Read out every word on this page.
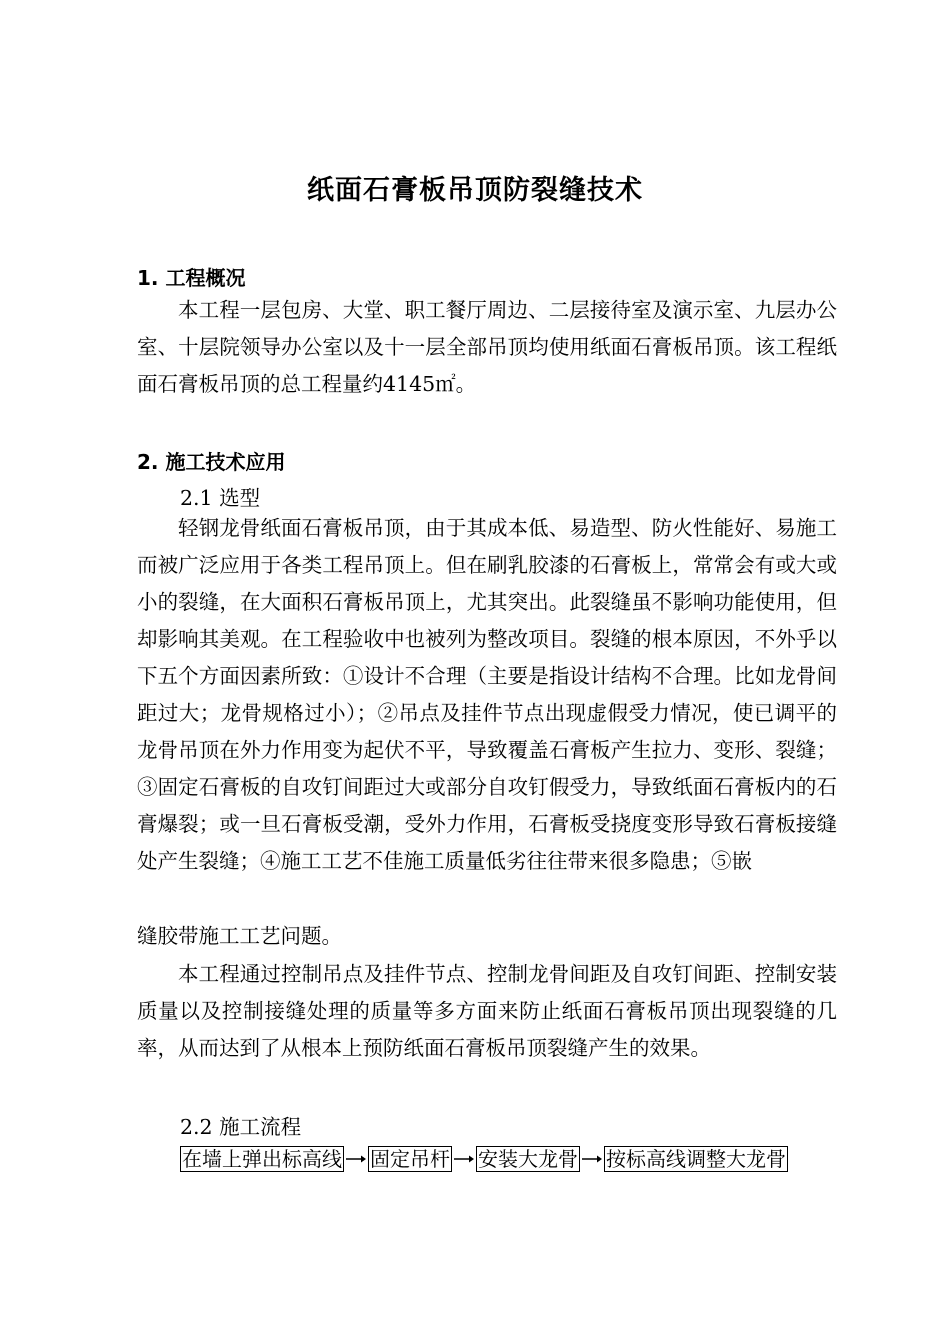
纸面石膏板吊顶防裂缝技术
1. 工程概况

本工程一层包房、大堂、职工餐厅周边、二层接待室及演示室、九层办公室、十层院领导办公室以及十一层全部吊顶均使用纸面石膏板吊顶。该工程纸面石膏板吊顶的总工程量约4145㎡。

2. 施工技术应用
2.1 选型

轻钢龙骨纸面石膏板吊顶，由于其成本低、易造型、防火性能好、易施工而被广泛应用于各类工程吊顶上。但在刷乳胶漆的石膏板上，常常会有或大或小的裂缝，在大面积石膏板吊顶上，尤其突出。此裂缝虽不影响功能使用，但却影响其美观。在工程验收中也被列为整改项目。裂缝的根本原因，不外乎以下五个方面因素所致：①设计不合理（主要是指设计结构不合理。比如龙骨间距过大；龙骨规格过小）；②吊点及挂件节点出现虚假受力情况，使已调平的龙骨吊顶在外力作用变为起伏不平，导致覆盖石膏板产生拉力、变形、裂缝；③固定石膏板的自攻钉间距过大或部分自攻钉假受力，导致纸面石膏板内的石膏爆裂；或一旦石膏板受潮，受外力作用，石膏板受挠度变形导致石膏板接缝处产生裂缝；④施工工艺不佳施工质量低劣往往带来很多隐患；⑤嵌

缝胶带施工工艺问题。

本工程通过控制吊点及挂件节点、控制龙骨间距及自攻钉间距、控制安装质量以及控制接缝处理的质量等多方面来防止纸面石膏板吊顶出现裂缝的几率，从而达到了从根本上预防纸面石膏板吊顶裂缝产生的效果。

2.2 施工流程
在墙上弹出标高线 固定吊杆 安装大龙骨 按标高线调整大龙骨
